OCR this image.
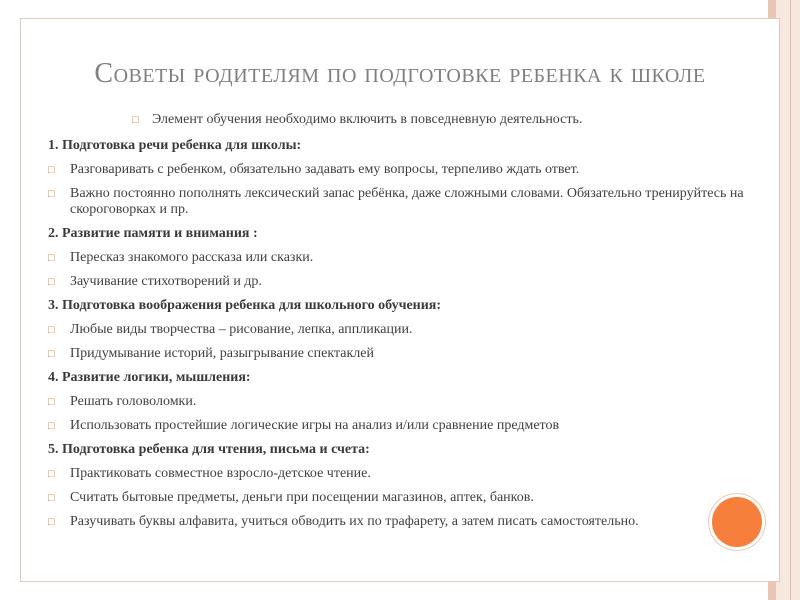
Советы родителям по подготовке ребенка к школе
□ Элемент обучения необходимо включить в повседневную деятельность.
1. Подготовка речи ребенка для школы:
□ Разговаривать с ребенком, обязательно задавать ему вопросы, терпеливо ждать ответ.
□ Важно постоянно пополнять лексический запас ребёнка, даже сложными словами. Обязательно тренируйтесь на скороговорках и пр.
2. Развитие памяти и внимания :
□ Пересказ знакомого рассказа или сказки.
□ Заучивание стихотворений и др.
3. Подготовка воображения ребенка для школьного обучения:
□ Любые виды творчества – рисование, лепка, аппликации.
□ Придумывание историй, разыгрывание спектаклей
4. Развитие логики, мышления:
□ Решать головоломки.
□ Использовать простейшие логические игры на анализ и/или сравнение предметов
5. Подготовка ребенка для чтения, письма и счета:
□ Практиковать совместное взросло-детское чтение.
□ Считать бытовые предметы, деньги при посещении магазинов, аптек, банков.
□ Разучивать буквы алфавита, учиться обводить их по трафарету, а затем писать самостоятельно.
